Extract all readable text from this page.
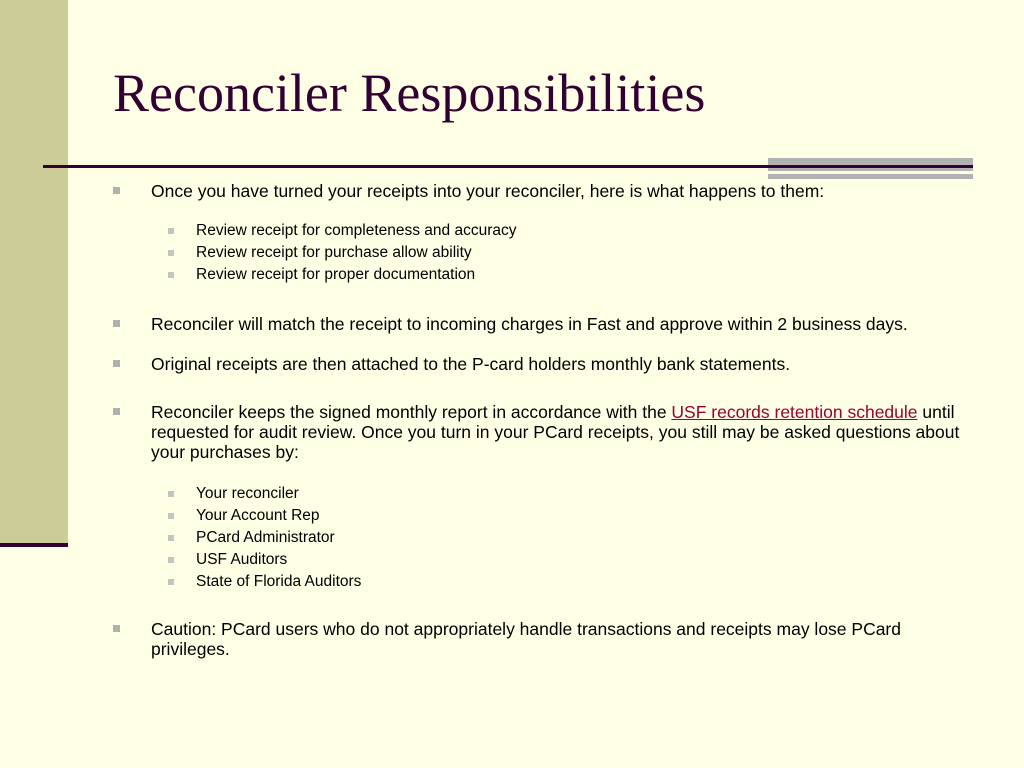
Reconciler Responsibilities
Once you have turned your receipts into your reconciler, here is what happens to them:
Review receipt for completeness and accuracy
Review receipt for purchase allow ability
Review receipt for proper documentation
Reconciler will match the receipt to incoming charges in Fast and approve within 2 business days.
Original receipts are then attached to the P-card holders monthly bank statements.
Reconciler keeps the signed monthly report in accordance with the USF records retention schedule until requested for audit review. Once you turn in your PCard receipts, you still may be asked questions about your purchases by:
Your reconciler
Your Account Rep
PCard Administrator
USF Auditors
State of Florida Auditors
Caution: PCard users who do not appropriately handle transactions and receipts may lose PCard privileges.
